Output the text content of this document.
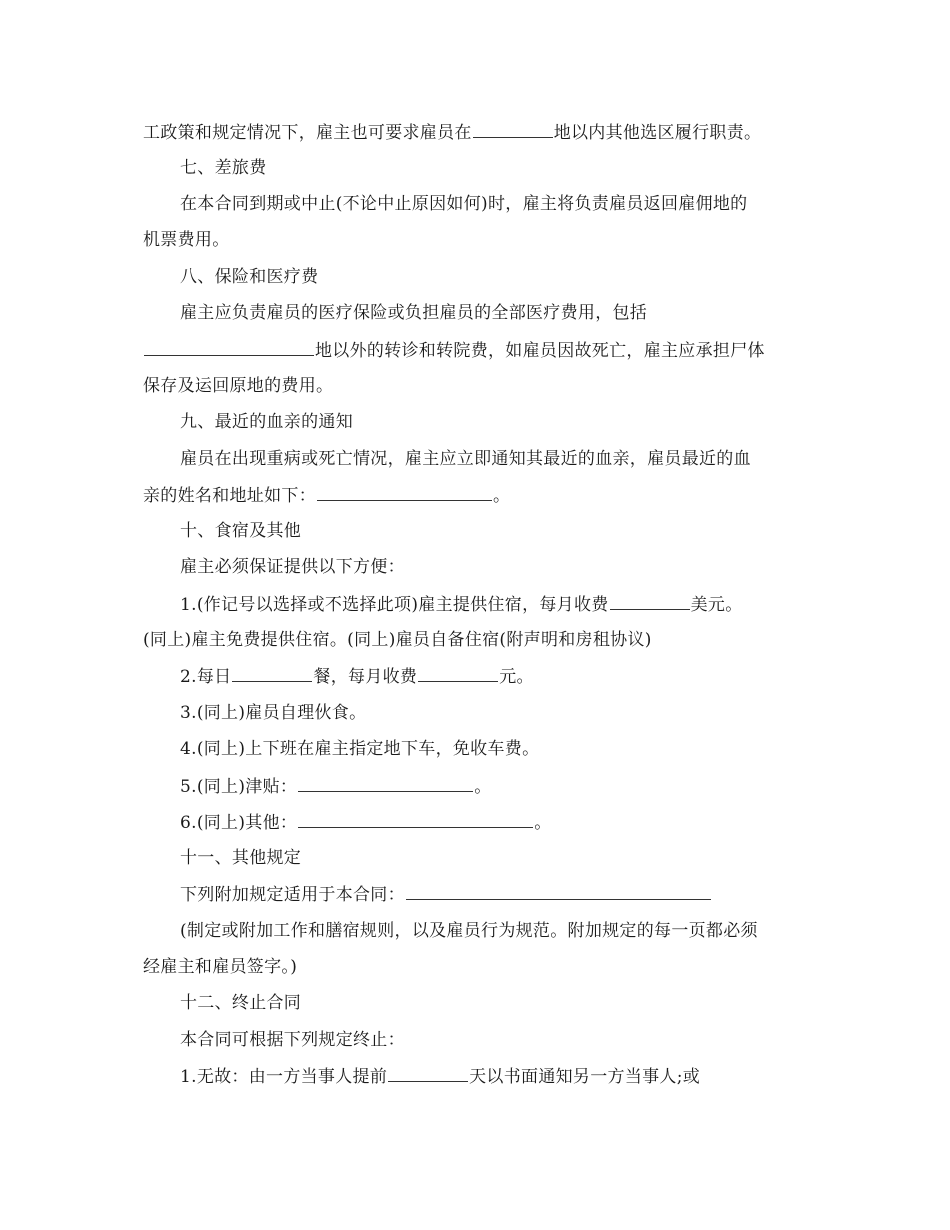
工政策和规定情况下，雇主也可要求雇员在	地以内其他选区履行职责。
七、差旅费
在本合同到期或中止(不论中止原因如何)时，雇主将负责雇员返回雇佣地的
机票费用。
八、保险和医疗费
雇主应负责雇员的医疗保险或负担雇员的全部医疗费用，包括
地以外的转诊和转院费，如雇员因故死亡，雇主应承担尸体
保存及运回原地的费用。
九、最近的血亲的通知
雇员在出现重病或死亡情况，雇主应立即通知其最近的血亲，雇员最近的血
亲的姓名和地址如下：	。
十、食宿及其他
雇主必须保证提供以下方便：
1.(作记号以选择或不选择此项)雇主提供住宿，每月收费	美元。
(同上)雇主免费提供住宿。(同上)雇员自备住宿(附声明和房租协议)
2.每日	餐，每月收费	元。
3.(同上)雇员自理伙食。
4.(同上)上下班在雇主指定地下车，免收车费。
5.(同上)津贴：	。
6.(同上)其他：	。
十一、其他规定
下列附加规定适用于本合同：
(制定或附加工作和膳宿规则，以及雇员行为规范。附加规定的每一页都必须
经雇主和雇员签字。)
十二、终止合同
本合同可根据下列规定终止：
1.无故：由一方当事人提前	天以书面通知另一方当事人;或
